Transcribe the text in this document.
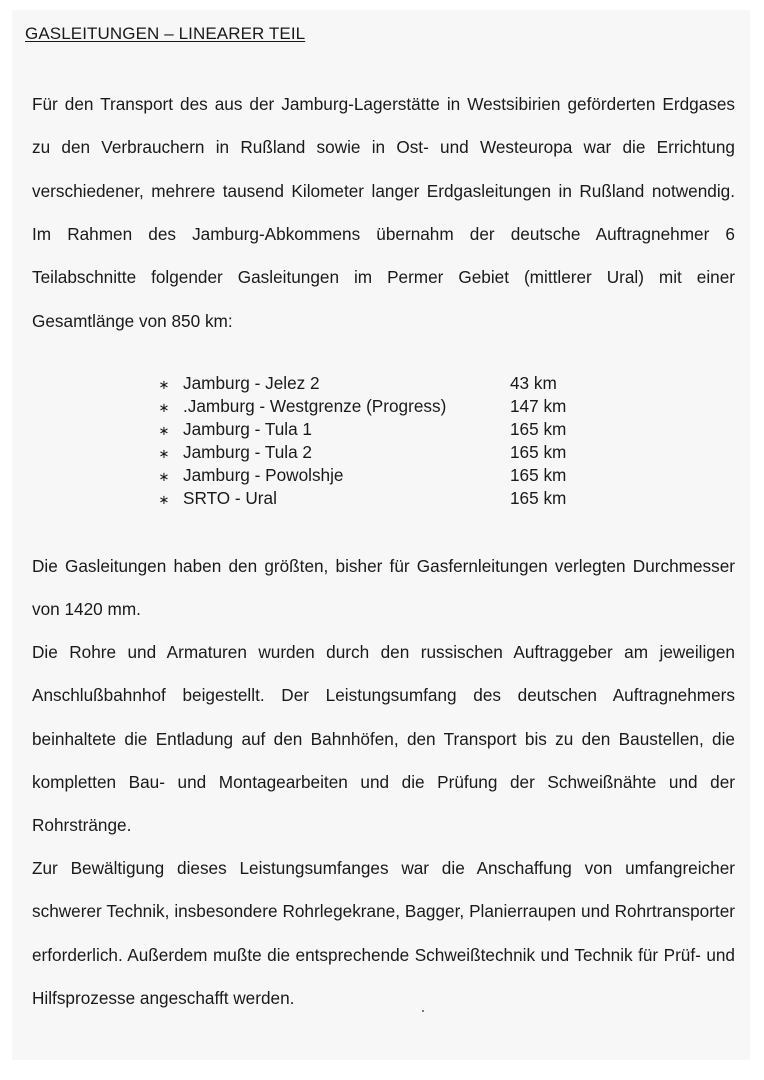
GASLEITUNGEN – LINEARER TEIL

Für den Transport des aus der Jamburg-Lagerstätte in Westsibirien geförderten Erdgases zu den Verbrauchern in Rußland sowie in Ost- und Westeuropa war die Errichtung verschiedener, mehrere tausend Kilometer langer Erdgasleitungen in Rußland notwendig. Im Rahmen des Jamburg-Abkommens übernahm der deutsche Auftragnehmer 6 Teilabschnitte folgender Gasleitungen im Permer Gebiet (mittlerer Ural) mit einer Gesamtlänge von 850 km:

∗ Jamburg - Jelez 2	43 km
∗ .Jamburg - Westgrenze (Progress)	147 km
∗ Jamburg - Tula 1	165 km
∗ Jamburg - Tula 2	165 km
∗ Jamburg - Powolshje	165 km
∗ SRTO - Ural	165 km

Die Gasleitungen haben den größten, bisher für Gasfernleitungen verlegten Durchmesser von 1420 mm.

Die Rohre und Armaturen wurden durch den russischen Auftraggeber am jeweiligen Anschlußbahnhof beigestellt. Der Leistungsumfang des deutschen Auftragnehmers beinhaltete die Entladung auf den Bahnhöfen, den Transport bis zu den Baustellen, die kompletten Bau- und Montagearbeiten und die Prüfung der Schweißnähte und der Rohrstränge.

Zur Bewältigung dieses Leistungsumfanges war die Anschaffung von umfangreicher schwerer Technik, insbesondere Rohrlegekrane, Bagger, Planierraupen und Rohrtransporter erforderlich. Außerdem mußte die entsprechende Schweißtechnik und Technik für Prüf- und Hilfsprozesse angeschafft werden.
